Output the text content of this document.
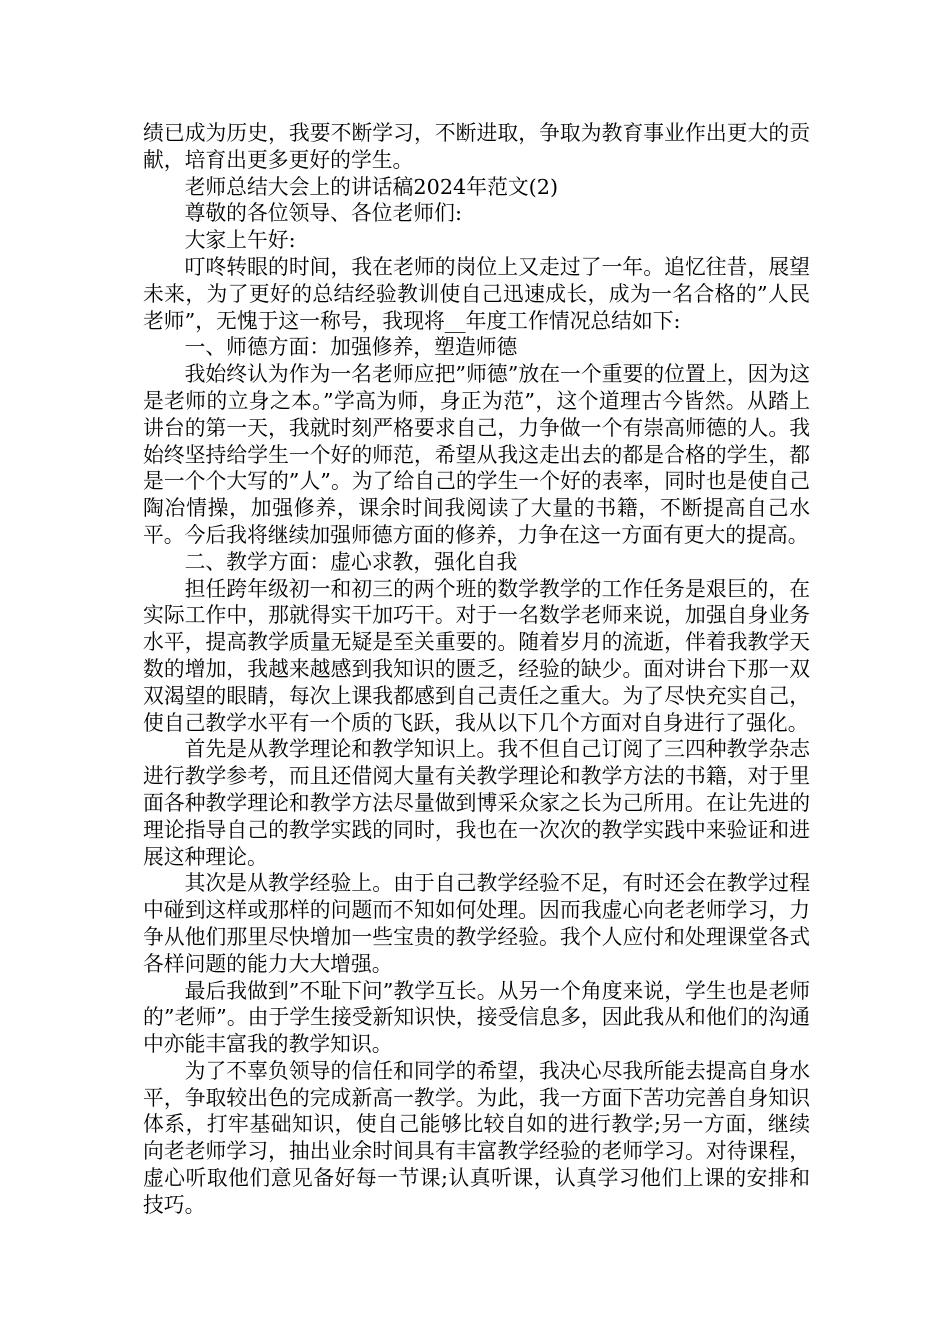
绩已成为历史，我要不断学习，不断进取，争取为教育事业作出更大的贡献，培育出更多更好的学生。

老师总结大会上的讲话稿2024年范文(2)

尊敬的各位领导、各位老师们:

大家上午好:

叮咚转眼的时间，我在老师的岗位上又走过了一年。追忆往昔，展望未来，为了更好的总结经验教训使自己迅速成长，成为一名合格的”人民老师”，无愧于这一称号，我现将__年度工作情况总结如下:

一、师德方面：加强修养，塑造师德

我始终认为作为一名老师应把”师德”放在一个重要的位置上，因为这是老师的立身之本。”学高为师，身正为范”，这个道理古今皆然。从踏上讲台的第一天，我就时刻严格要求自己，力争做一个有崇高师德的人。我始终坚持给学生一个好的师范，希望从我这走出去的都是合格的学生，都是一个个大写的”人”。为了给自己的学生一个好的表率，同时也是使自己陶冶情操，加强修养，课余时间我阅读了大量的书籍，不断提高自己水平。今后我将继续加强师德方面的修养，力争在这一方面有更大的提高。

二、教学方面：虚心求教，强化自我

担任跨年级初一和初三的两个班的数学教学的工作任务是艰巨的，在实际工作中，那就得实干加巧干。对于一名数学老师来说，加强自身业务水平，提高教学质量无疑是至关重要的。随着岁月的流逝，伴着我教学天数的增加，我越来越感到我知识的匮乏，经验的缺少。面对讲台下那一双双渴望的眼睛，每次上课我都感到自己责任之重大。为了尽快充实自己，使自己教学水平有一个质的飞跃，我从以下几个方面对自身进行了强化。

首先是从教学理论和教学知识上。我不但自己订阅了三四种教学杂志进行教学参考，而且还借阅大量有关教学理论和教学方法的书籍，对于里面各种教学理论和教学方法尽量做到博采众家之长为己所用。在让先进的理论指导自己的教学实践的同时，我也在一次次的教学实践中来验证和进展这种理论。

其次是从教学经验上。由于自己教学经验不足，有时还会在教学过程中碰到这样或那样的问题而不知如何处理。因而我虚心向老老师学习，力争从他们那里尽快增加一些宝贵的教学经验。我个人应付和处理课堂各式各样问题的能力大大增强。

最后我做到”不耻下问”教学互长。从另一个角度来说，学生也是老师的”老师”。由于学生接受新知识快，接受信息多，因此我从和他们的沟通中亦能丰富我的教学知识。

为了不辜负领导的信任和同学的希望，我决心尽我所能去提高自身水平，争取较出色的完成新高一教学。为此，我一方面下苦功完善自身知识体系，打牢基础知识，使自己能够比较自如的进行教学;另一方面，继续向老老师学习，抽出业余时间具有丰富教学经验的老师学习。对待课程，虚心听取他们意见备好每一节课;认真听课，认真学习他们上课的安排和技巧。
